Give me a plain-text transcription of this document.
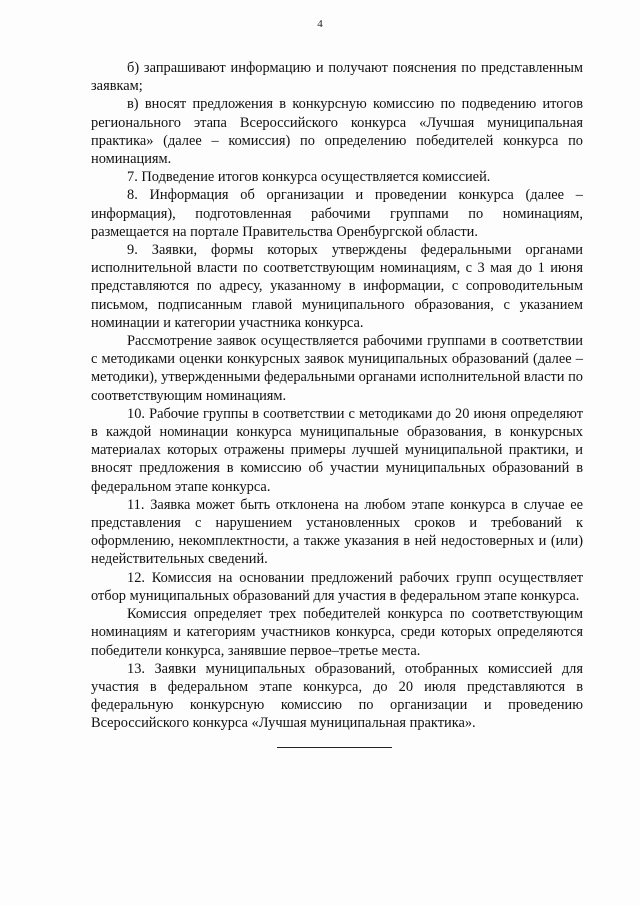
4

б) запрашивают информацию и получают пояснения по представленным заявкам;

в) вносят предложения в конкурсную комиссию по подведению итогов регионального этапа Всероссийского конкурса «Лучшая муниципальная практика» (далее – комиссия) по определению победителей конкурса по номинациям.

7. Подведение итогов конкурса осуществляется комиссией.

8. Информация об организации и проведении конкурса (далее – информация), подготовленная рабочими группами по номинациям, размещается на портале Правительства Оренбургской области.

9. Заявки, формы которых утверждены федеральными органами исполнительной власти по соответствующим номинациям, с 3 мая до 1 июня представляются по адресу, указанному в информации, с сопроводительным письмом, подписанным главой муниципального образования, с указанием номинации и категории участника конкурса.

Рассмотрение заявок осуществляется рабочими группами в соответствии с методиками оценки конкурсных заявок муниципальных образований (далее – методики), утвержденными федеральными органами исполнительной власти по соответствующим номинациям.

10. Рабочие группы в соответствии с методиками до 20 июня определяют в каждой номинации конкурса муниципальные образования, в конкурсных материалах которых отражены примеры лучшей муниципальной практики, и вносят предложения в комиссию об участии муниципальных образований в федеральном этапе конкурса.

11. Заявка может быть отклонена на любом этапе конкурса в случае ее представления с нарушением установленных сроков и требований к оформлению, некомплектности, а также указания в ней недостоверных и (или) недействительных сведений.

12. Комиссия на основании предложений рабочих групп осуществляет отбор муниципальных образований для участия в федеральном этапе конкурса.

Комиссия определяет трех победителей конкурса по соответствующим номинациям и категориям участников конкурса, среди которых определяются победители конкурса, занявшие первое–третье места.

13. Заявки муниципальных образований, отобранных комиссией для участия в федеральном этапе конкурса, до 20 июля представляются в федеральную конкурсную комиссию по организации и проведению Всероссийского конкурса «Лучшая муниципальная практика».
